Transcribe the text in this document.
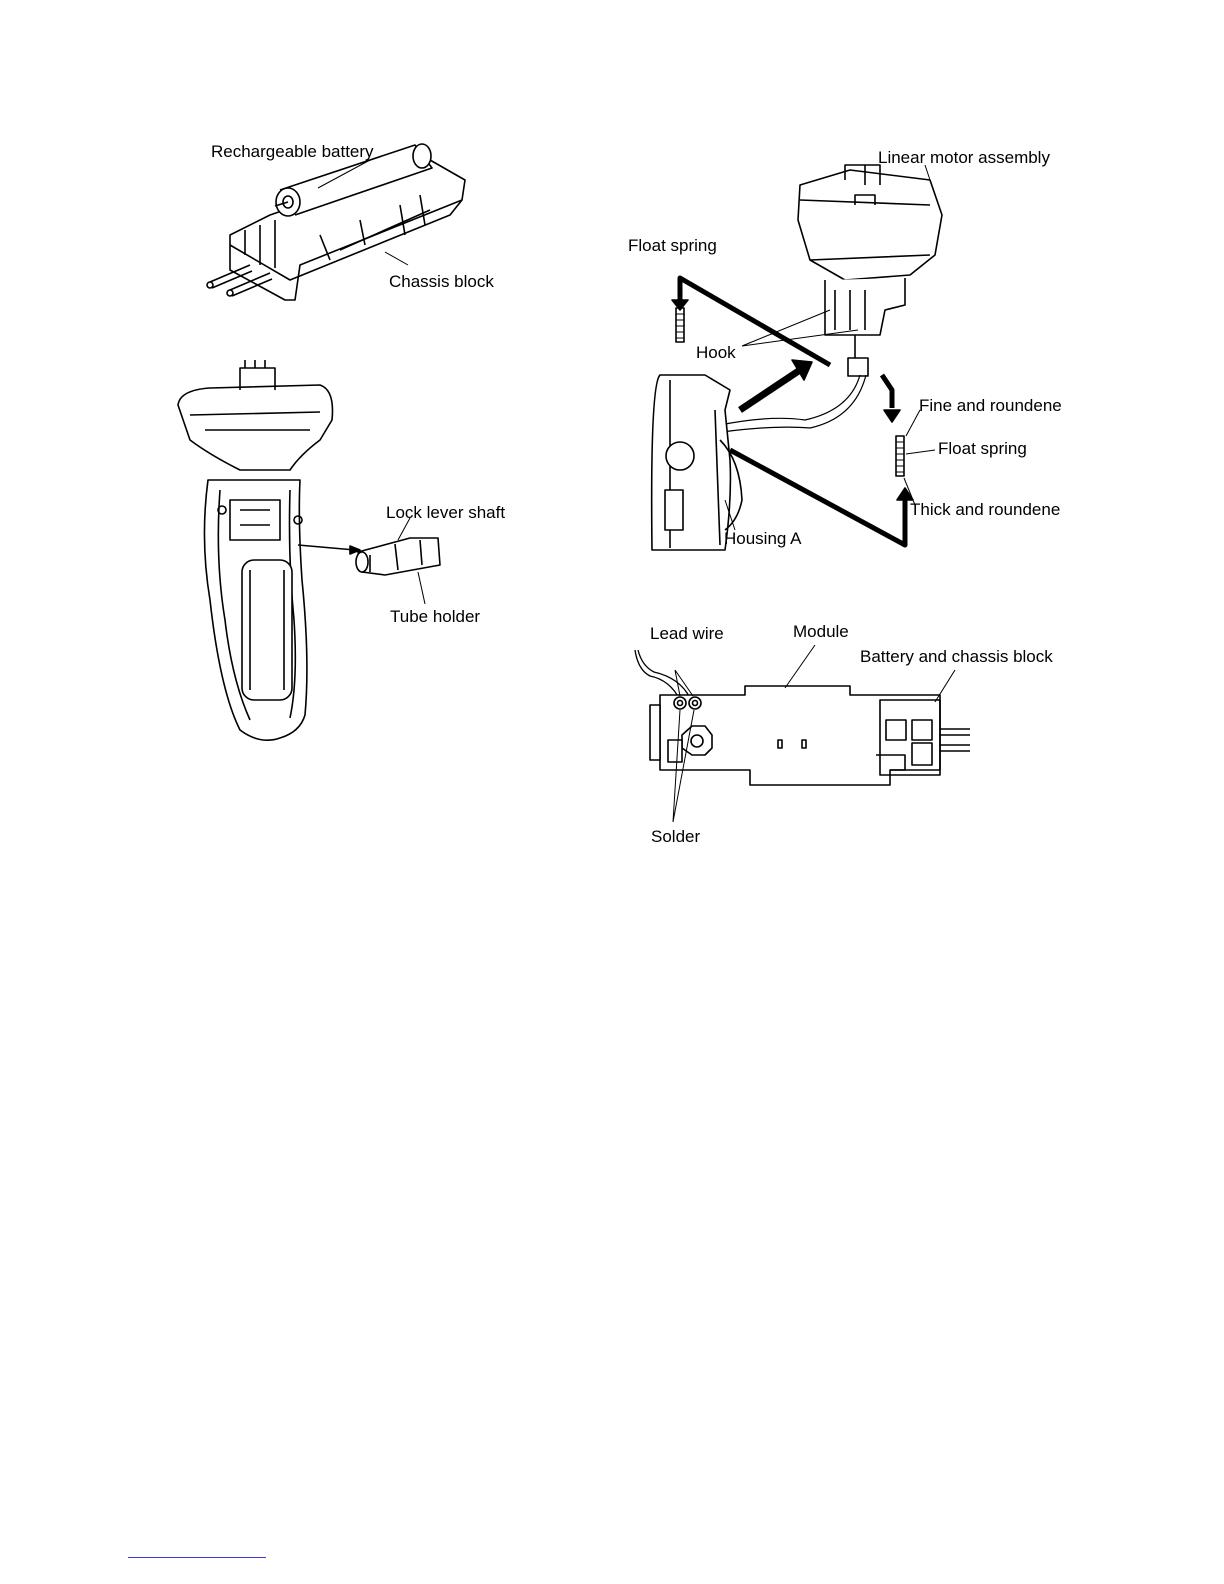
Rechargeable battery
Chassis block
Lock lever shaft
Tube holder
Linear motor assembly
Float spring
Hook
Fine and roundene
Float spring
Thick and roundene
Housing A
Lead wire	Module
Battery and chassis block
Solder
